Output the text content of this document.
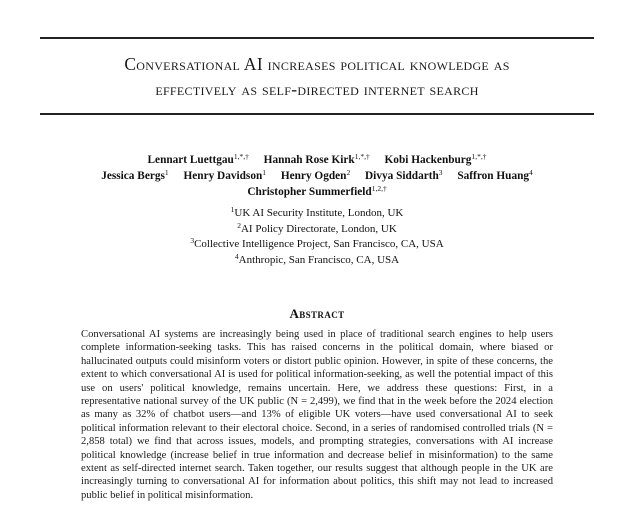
Conversational AI increases political knowledge as
effectively as self-directed internet search
Lennart Luettgau$^{1,*,\dagger}$ Hannah Rose Kirk$^{1,*,\dagger}$ Kobi Hackenburg$^{1,*,\dagger}$
Jessica Bergs$^1$ Henry Davidson$^1$ Henry Ogden$^2$ Divya Siddarth$^3$ Saffron Huang$^4$
Christopher Summerfield$^{1,2,\dagger}$
$^1$UK AI Security Institute, London, UK
$^2$AI Policy Directorate, London, UK
$^3$Collective Intelligence Project, San Francisco, CA, USA
$^4$Anthropic, San Francisco, CA, USA
Abstract
Conversational AI systems are increasingly being used in place of traditional search engines to help users complete information-seeking tasks. This has raised concerns in the political domain, where biased or hallucinated outputs could misinform voters or distort public opinion. However, in spite of these concerns, the extent to which conversational AI is used for political information-seeking, as well the potential impact of this use on users' political knowledge, remains uncertain. Here, we address these questions: First, in a representative national survey of the UK public (N = 2,499), we find that in the week before the 2024 election as many as 32% of chatbot users—and 13% of eligible UK voters—have used conversational AI to seek political information relevant to their electoral choice. Second, in a series of randomised controlled trials (N = 2,858 total) we find that across issues, models, and prompting strategies, conversations with AI increase political knowledge (increase belief in true information and decrease belief in misinformation) to the same extent as self-directed internet search. Taken together, our results suggest that although people in the UK are increasingly turning to conversational AI for information about politics, this shift may not lead to increased public belief in political misinformation.
